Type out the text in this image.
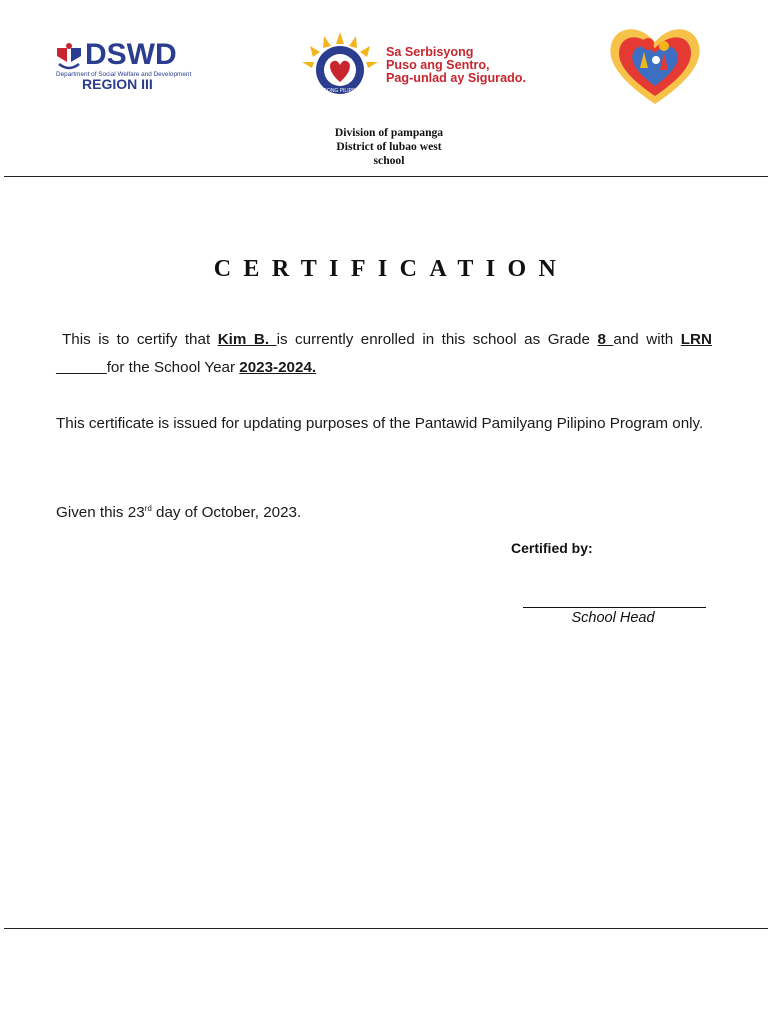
DSWD
Department of Social Welfare and Development
REGION III	BAGONG PILIPINAS
Sa Serbisyong
Puso ang Sentro,
Pag-unlad ay Sigurado.
Division of pampanga
District of lubao west
school
CERTIFICATION
This is to certify that Kim B. is currently enrolled in this school as Grade 8 and with LRN ______for the School Year 2023-2024.
This certificate is issued for updating purposes of the Pantawid Pamilyang Pilipino Program only.
Given this 23rd day of October, 2023.
Certified by:
School Head
